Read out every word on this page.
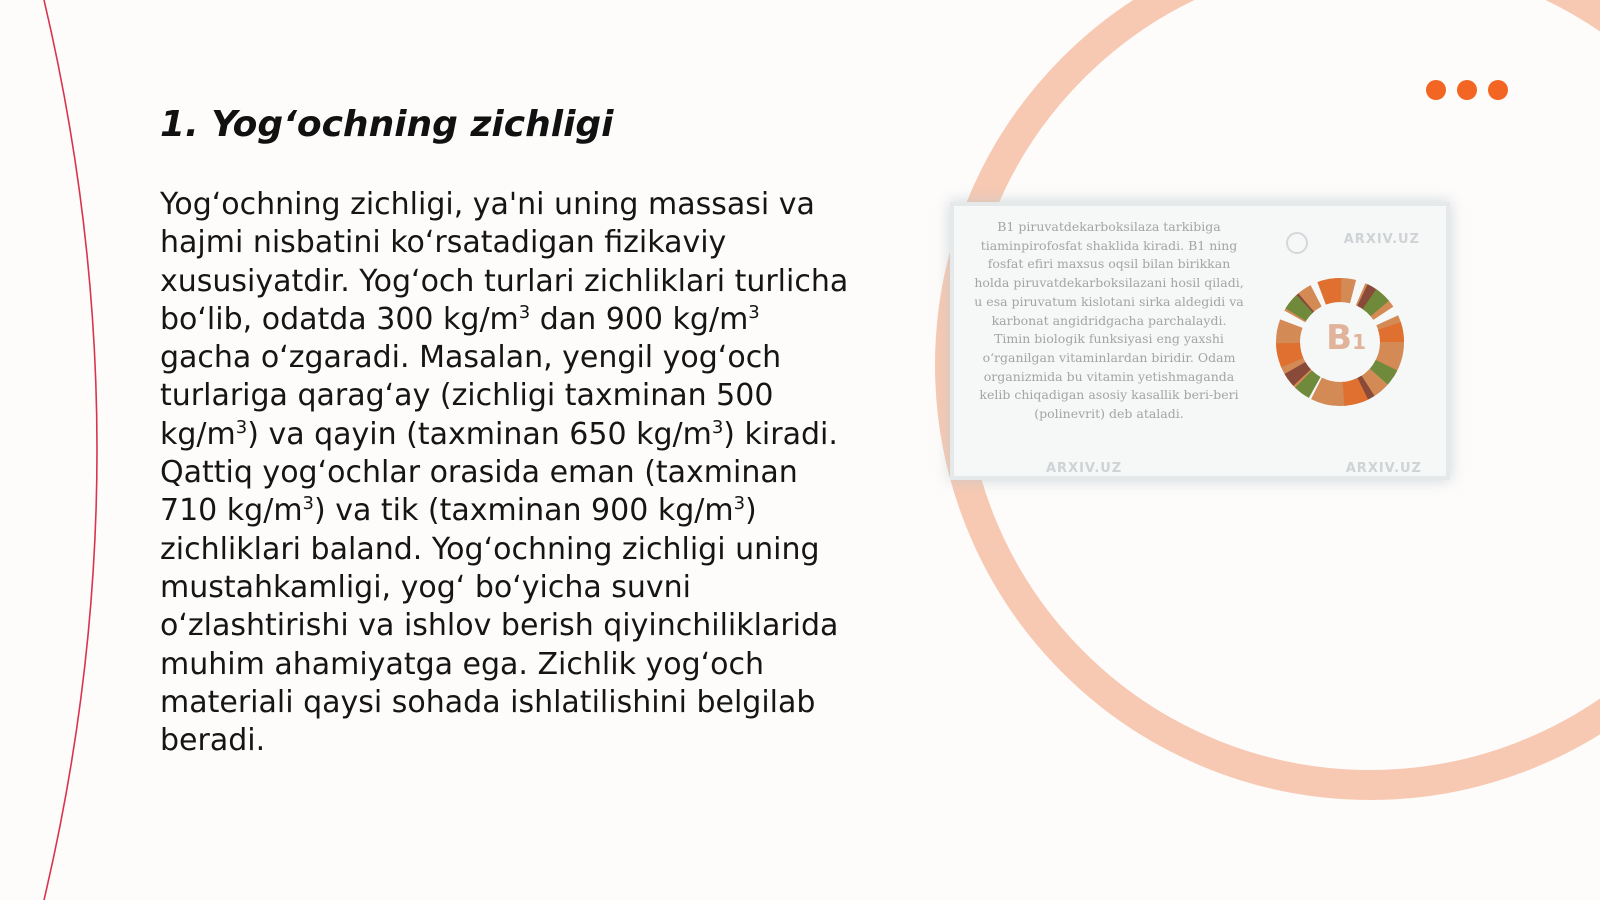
1. Yog‘ochning zichligi

Yog‘ochning zichligi, ya'ni uning massasi va hajmi nisbatini ko‘rsatadigan fizikaviy xususiyatdir. Yog‘och turlari zichliklari turlicha bo‘lib, odatda 300 $kg/m^3$ dan 900 $kg/m^3$ gacha o‘zgaradi. Masalan, yengil yog‘och turlariga qarag‘ay (zichligi taxminan 500 $kg/m^3$) va qayin (taxminan 650 $kg/m^3$) kiradi. Qattiq yog‘ochlar orasida eman (taxminan 710 $kg/m^3$) va tik (taxminan 900 $kg/m^3$) zichliklari baland. Yog‘ochning zichligi uning mustahkamligi, yog‘ bo‘yicha suvni o‘zlashtirishi va ishlov berish qiyinchiliklarida muhim ahamiyatga ega. Zichlik yog‘och materiali qaysi sohada ishlatilishini belgilab beradi.

B1 piruvatdekarboksilaza tarkibiga tiaminpirofosfat shaklida kiradi. B1 ning fosfat efiri maxsus oqsil bilan birikkan holda piruvatdekarboksilazani hosil qiladi, u esa piruvatum kislotani sirka aldegidi va karbonat angidridgacha parchalaydi. Timin biologik funksiyasi eng yaxshi o‘rganilgan vitaminlardan biridir. Odam organizmida bu vitamin yetishmaganda kelib chiqadigan asosiy kasallik beri-beri (polinevrit) deb ataladi.

ARXIV.UZ
ARXIV.UZ	ARXIV.UZ
B1
